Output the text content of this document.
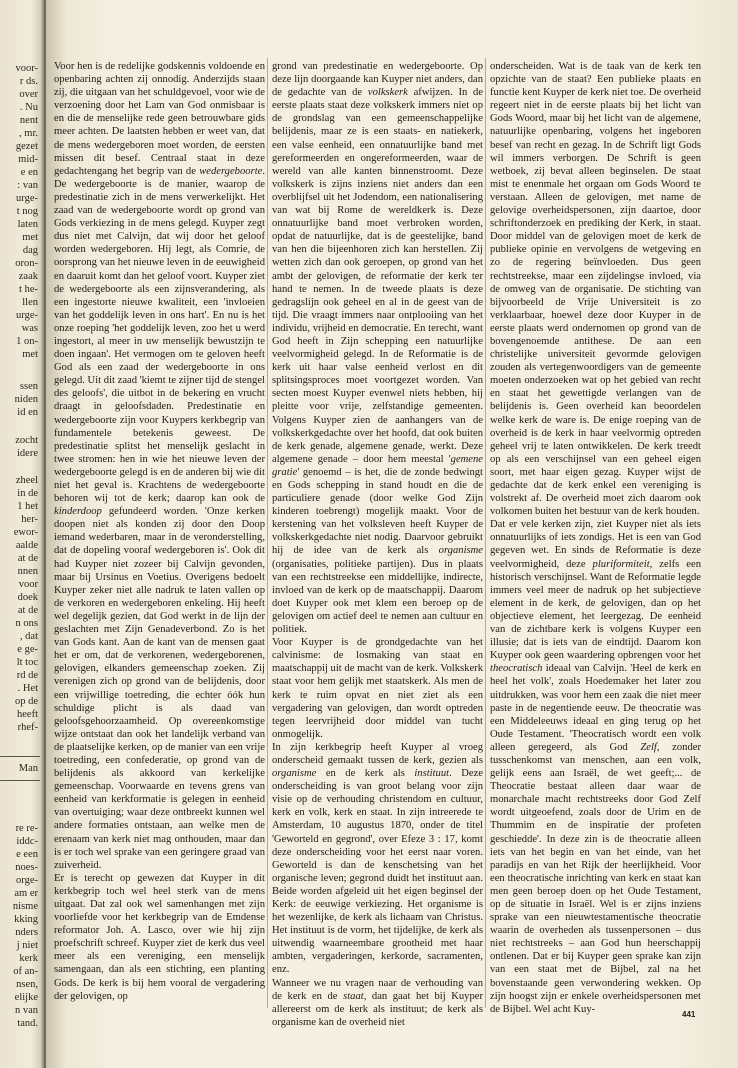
voor-
r ds.
over
. Nu
nent
, mr.
gezet
mid-
e en
: van
urge-
t nog
laten
met
dag
oron-
zaak
t he-
llen
urge-
was
1 on-
met
ssen
niden
id en
zocht
idere
zheel
in de
1 het
her-
ewor-
aalde
at de
nnen
voor
doek
at de
n ons
, dat
e ge-
lt toc
rd de
. Het
op de
heeft
rhef-
Man
re re-
iddc-
e een
noes-
orge-
am er
nisme
kking
nders
j niet
kerk
of an-
nsen,
elijke
n van
tand.

Voor hen is de redelijke godskennis voldoende en openbaring achten zij onnodig. Anderzijds staan zij, die uitgaan van het schuldgevoel, voor wie de verzoening door het Lam van God onmisbaar is en die de menselijke rede geen betrouwbare gids meer achten. De laatsten hebben er weet van, dat de mens wedergeboren moet worden, de eersten missen dit besef. Centraal staat in deze gedachtengang het begrip van de wedergeboorte. De wedergeboorte is de manier, waarop de predestinatie zich in de mens verwerkelijkt. Het zaad van de wedergeboorte wordt op grond van Gods verkiezing in de mens gelegd. Kuyper zegt dus niet met Calvijn, dat wij door het geloof worden wedergeboren. Hij legt, als Comrie, de oorsprong van het nieuwe leven in de eeuwigheid en daaruit komt dan het geloof voort. Kuyper ziet de wedergeboorte als een zijnsverandering, als een ingestorte nieuwe kwaliteit, een 'invloeien van het goddelijk leven in ons hart'. En nu is het onze roeping 'het goddelijk leven, zoo het u werd ingestort, al meer in uw menselijk bewustzijn te doen ingaan'. Het vermogen om te geloven heeft God als een zaad der wedergeboorte in ons gelegd. Uit dit zaad 'kiemt te zijner tijd de stengel des geloofs', die uitbot in de bekering en vrucht draagt in geloofsdaden. Predestinatie en wedergeboorte zijn voor Kuypers kerkbegrip van fundamentele betekenis geweest. De predestinatie splitst het menselijk geslacht in twee stromen: hen in wie het nieuwe leven der wedergeboorte gelegd is en de anderen bij wie dit niet het geval is. Krachtens de wedergeboorte behoren wij tot de kerk; daarop kan ook de kinderdoop gefundeerd worden. 'Onze kerken doopen niet als konden zij door den Doop iemand wederbaren, maar in de veronderstelling, dat de dopeling vooraf wedergeboren is'. Ook dit had Kuyper niet zozeer bij Calvijn gevonden, maar bij Ursinus en Voetius. Overigens bedoelt Kuyper zeker niet alle nadruk te laten vallen op de verkoren en wedergeboren enkeling. Hij heeft wel degelijk gezien, dat God werkt in de lijn der geslachten met Zijn Genadeverbond. Zo is het van Gods kant. Aan de kant van de mensen gaat het er om, dat de verkorenen, wedergeborenen, gelovigen, elkanders gemeenschap zoeken. Zij verenigen zich op grond van de belijdenis, door een vrijwillige toetreding, die echter óók hun schuldige plicht is als daad van geloofsgehoorzaamheid. Op overeenkomstige wijze ontstaat dan ook het landelijk verband van de plaatselijke kerken, op de manier van een vrije toetreding, een confederatie, op grond van de belijdenis als akkoord van kerkelijke gemeenschap. Voorwaarde en tevens grens van eenheid van kerkformatie is gelegen in eenheid van overtuiging; waar deze ontbreekt kunnen wel andere formaties ontstaan, aan welke men de erenaam van kerk niet mag onthouden, maar dan is er toch wel sprake van een geringere graad van zuiverheid.

Er is terecht op gewezen dat Kuyper in dit kerkbegrip toch wel heel sterk van de mens uitgaat. Dat zal ook wel samenhangen met zijn voorliefde voor het kerkbegrip van de Emdense reformator Joh. A. Lasco, over wie hij zijn proefschrift schreef. Kuyper ziet de kerk dus veel meer als een vereniging, een menselijk samengaan, dan als een stichting, een planting Gods. De kerk is bij hem vooral de vergadering der gelovigen, op

grond van predestinatie en wedergeboorte. Op deze lijn doorgaande kan Kuyper niet anders, dan de gedachte van de volkskerk afwijzen. In de eerste plaats staat deze volkskerk immers niet op de grondslag van een gemeenschappelijke belijdenis, maar ze is een staats- en natiekerk, een valse eenheid, een onnatuurlijke band met gereformeerden en ongereformeerden, waar de wereld van alle kanten binnenstroomt. Deze volkskerk is zijns inziens niet anders dan een overblijfsel uit het Jodendom, een nationalisering van wat bij Rome de wereldkerk is. Deze onnatuurlijke band moet verbroken worden, opdat de natuurlijke, dat is de geestelijke, band van hen die bijeenhoren zich kan herstellen. Zij wetten zich dan ook geroepen, op grond van het ambt der gelovigen, de reformatie der kerk ter hand te nemen. In de tweede plaats is deze gedragslijn ook geheel en al in de geest van de tijd. Die vraagt immers naar ontplooiing van het individu, vrijheid en democratie. En terecht, want God heeft in Zijn schepping een natuurlijke veelvormigheid gelegd. In de Reformatie is de kerk uit haar valse eenheid verlost en dit splitsingsproces moet voortgezet worden. Van secten moest Kuyper evenwel niets hebben, hij pleitte voor vrije, zelfstandige gemeenten. Volgens Kuyper zien de aanhangers van de volkskerkgedachte over het hoofd, dat ook buiten de kerk genade, algemene genade, werkt. Deze algemene genade – door hem meestal 'gemene gratie' genoemd – is het, die de zonde bedwingt en Gods schepping in stand houdt en die de particuliere genade (door welke God Zijn kinderen toebrengt) mogelijk maakt. Voor de kerstening van het volksleven heeft Kuyper de volkskerkgedachte niet nodig. Daarvoor gebruikt hij de idee van de kerk als organisme (organisaties, politieke partijen). Dus in plaats van een rechtstreekse een middellijke, indirecte, invloed van de kerk op de maatschappij. Daarom doet Kuyper ook met klem een beroep op de gelovigen om actief deel te nemen aan cultuur en politiek.

Voor Kuyper is de grondgedachte van het calvinisme: de losmaking van staat en maatschappij uit de macht van de kerk. Volkskerk staat voor hem gelijk met staatskerk. Als men de kerk te ruim opvat en niet ziet als een vergadering van gelovigen, dan wordt optreden tegen leervrijheid door middel van tucht onmogelijk.

In zijn kerkbegrip heeft Kuyper al vroeg onderscheid gemaakt tussen de kerk, gezien als organisme en de kerk als instituut. Deze onderscheiding is van groot belang voor zijn visie op de verhouding christendom en cultuur, kerk en volk, kerk en staat. In zijn intreerede te Amsterdam, 10 augustus 1870, onder de titel 'Geworteld en gegrond', over Efeze 3 : 17, komt deze onderscheiding voor het eerst naar voren. Geworteld is dan de kenschetsing van het organische leven; gegrond duidt het instituut aan. Beide worden afgeleid uit het eigen beginsel der Kerk: de eeuwige verkiezing. Het organisme is het wezenlijke, de kerk als lichaam van Christus. Het instituut is de vorm, het tijdelijke, de kerk als uitwendig waarneembare grootheid met haar ambten, vergaderingen, kerkorde, sacramenten, enz.

Wanneer we nu vragen naar de verhouding van de kerk en de staat, dan gaat het bij Kuyper allereerst om de kerk als instituut; de kerk als organisme kan de overheid niet

onderscheiden. Wat is de taak van de kerk ten opzichte van de staat? Een publieke plaats en functie kent Kuyper de kerk niet toe. De overheid regeert niet in de eerste plaats bij het licht van Gods Woord, maar bij het licht van de algemene, natuurlijke openbaring, volgens het ingeboren besef van recht en gezag. In de Schrift ligt Gods wil immers verborgen. De Schrift is geen wetboek, zij bevat alleen beginselen. De staat mist te enenmale het orgaan om Gods Woord te verstaan. Alleen de gelovigen, met name de gelovige overheidspersonen, zijn daartoe, door schriftonderzoek en prediking der Kerk, in staat. Door middel van de gelovigen moet de kerk de publieke opinie en vervolgens de wetgeving en zo de regering beïnvloeden. Dus geen rechtstreekse, maar een zijdelingse invloed, via de omweg van de organisatie. De stichting van bijvoorbeeld de Vrije Universiteit is zo verklaarbaar, hoewel deze door Kuyper in de eerste plaats werd ondernomen op grond van de bovengenoemde antithese. De aan een christelijke universiteit gevormde gelovigen zouden als vertegenwoordigers van de gemeente moeten onderzoeken wat op het gebied van recht en staat het gewettigde verlangen van de belijdenis is. Geen overheid kan beoordelen welke kerk de ware is. De enige roeping van de overheid is de kerk in haar veelvormig optreden geheel vrij te laten ontwikkelen. De kerk treedt op als een verschijnsel van een geheel eigen soort, met haar eigen gezag. Kuyper wijst de gedachte dat de kerk enkel een vereniging is volstrekt af. De overheid moet zich daarom ook volkomen buiten het bestuur van de kerk houden.

Dat er vele kerken zijn, ziet Kuyper niet als iets onnatuurlijks of iets zondigs. Het is een van God gegeven wet. En sinds de Reformatie is deze veelvormigheid, deze pluriformiteit, zelfs een historisch verschijnsel. Want de Reformatie legde immers veel meer de nadruk op het subjectieve element in de kerk, de gelovigen, dan op het objectieve element, het leergezag. De eenheid van de zichtbare kerk is volgens Kuyper een illusie; dat is iets van de eindtijd. Daarom kon Kuyper ook geen waardering opbrengen voor het theocratisch ideaal van Calvijn. 'Heel de kerk en heel het volk', zoals Hoedemaker het later zou uitdrukken, was voor hem een zaak die niet meer paste in de negentiende eeuw. De theocratie was een Middeleeuws ideaal en ging terug op het Oude Testament. 'Theocratisch wordt een volk alleen geregeerd, als God Zelf, zonder tusschenkomst van menschen, aan een volk, gelijk eens aan Israël, de wet geeft;... de Theocratie bestaat alleen daar waar de monarchale macht rechtstreeks door God Zelf wordt uitgeoefend, zoals door de Urim en de Thummim en de inspiratie der profeten geschiedde'. In deze zin is de theocratie alleen iets van het begin en van het einde, van het paradijs en van het Rijk der heerlijkheid. Voor een theocratische inrichting van kerk en staat kan men geen beroep doen op het Oude Testament, op de situatie in Israël. Wel is er zijns inziens sprake van een nieuwtestamentische theocratie waarin de overheden als tussenpersonen – dus niet rechtstreeks – aan God hun heerschappij ontlenen. Dat er bij Kuyper geen sprake kan zijn van een staat met de Bijbel, zal na het bovenstaande geen verwondering wekken. Op zijn hoogst zijn er enkele overheidspersonen met de Bijbel. Wel acht Kuy-	441
